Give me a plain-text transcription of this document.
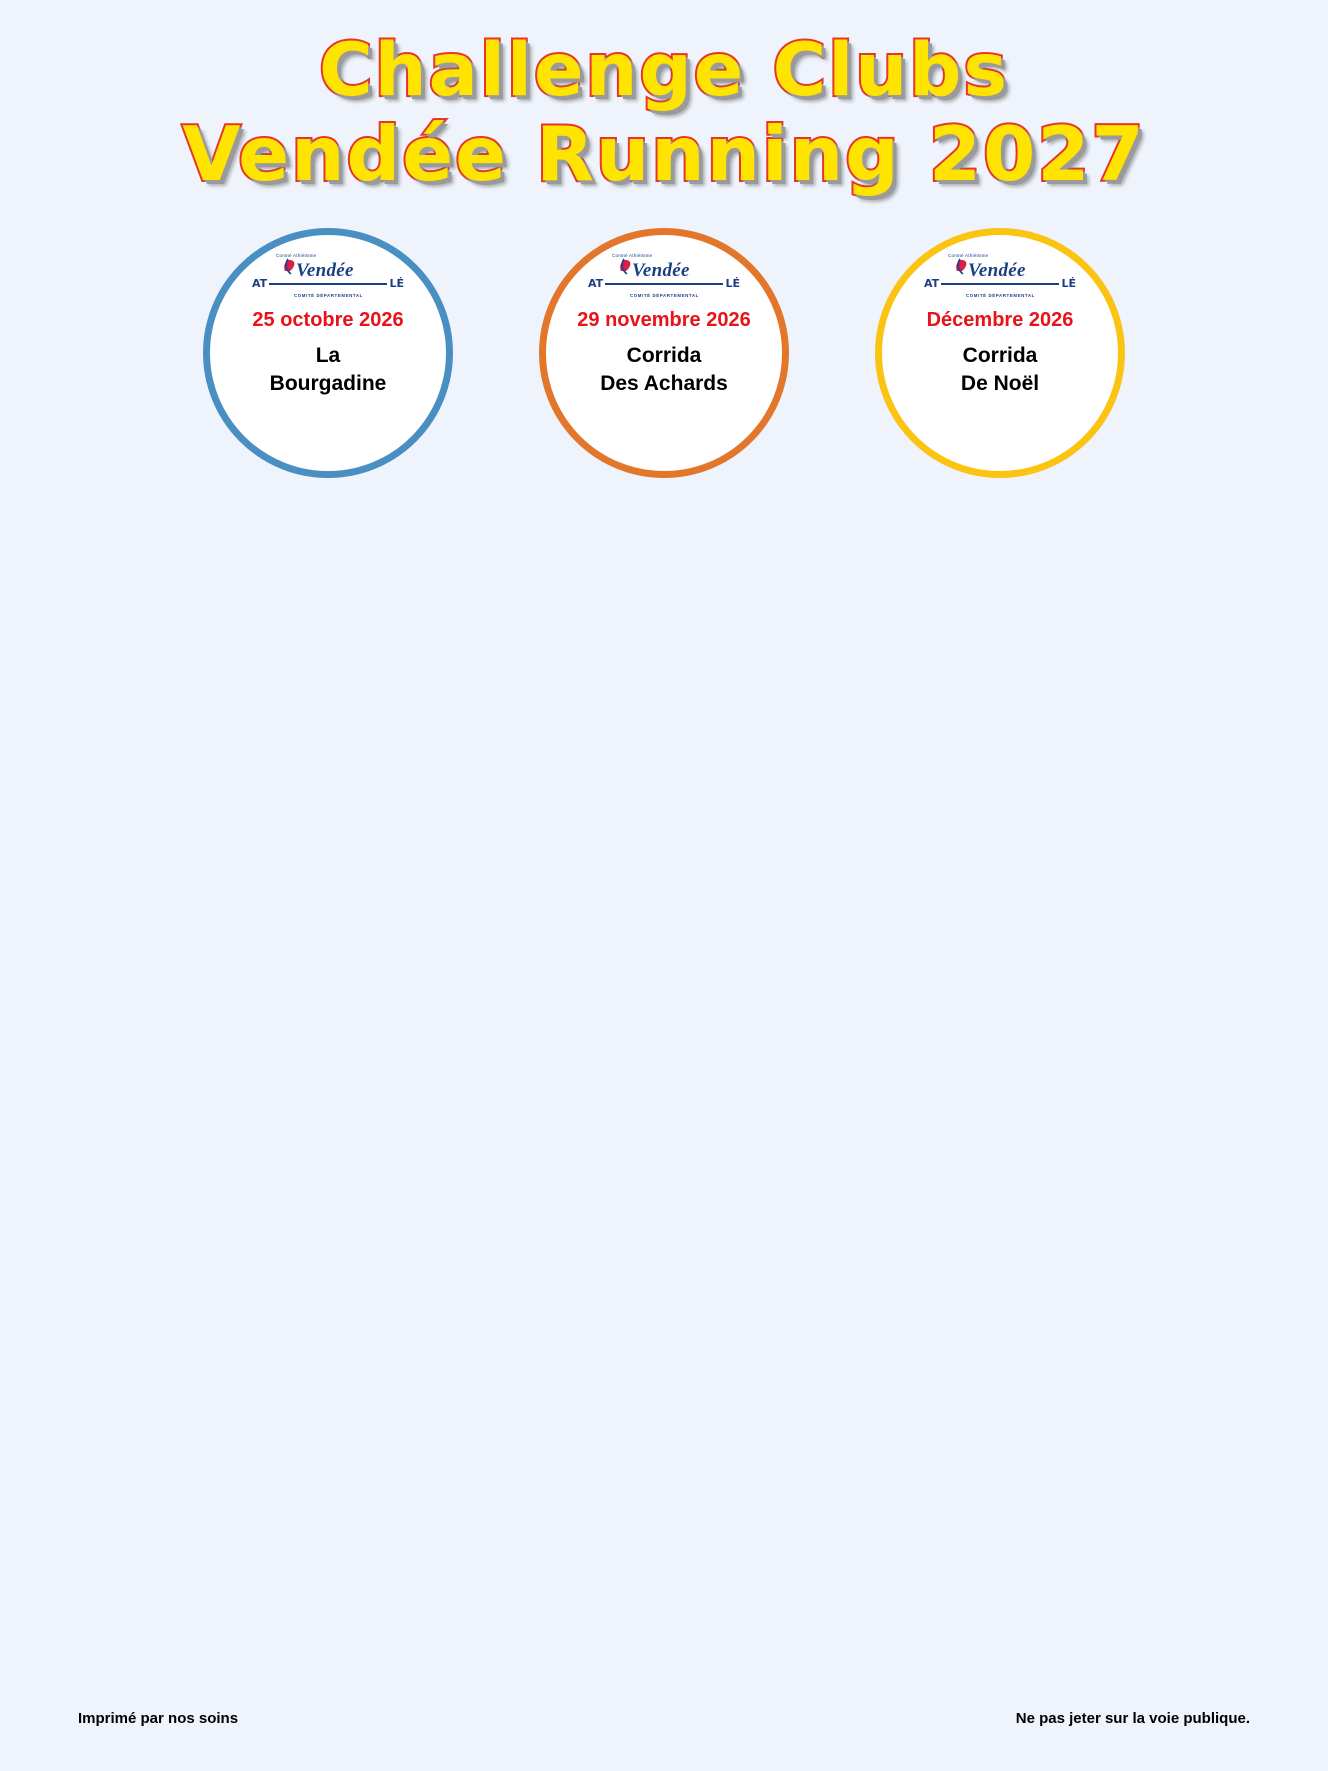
Challenge Clubs
Vendée Running 2027
Comité Athlétisme
Vendée
AT	LÉ
COMITÉ DÉPARTEMENTAL
25 octobre 2026
La
Bourgadine
Comité Athlétisme
Vendée
AT	LÉ
COMITÉ DÉPARTEMENTAL
29 novembre 2026
Corrida
Des Achards
Comité Athlétisme
Vendée
AT	LÉ
COMITÉ DÉPARTEMENTAL
Décembre 2026
Corrida
De Noël
Imprimé par nos soins	Ne pas jeter sur la voie publique.
